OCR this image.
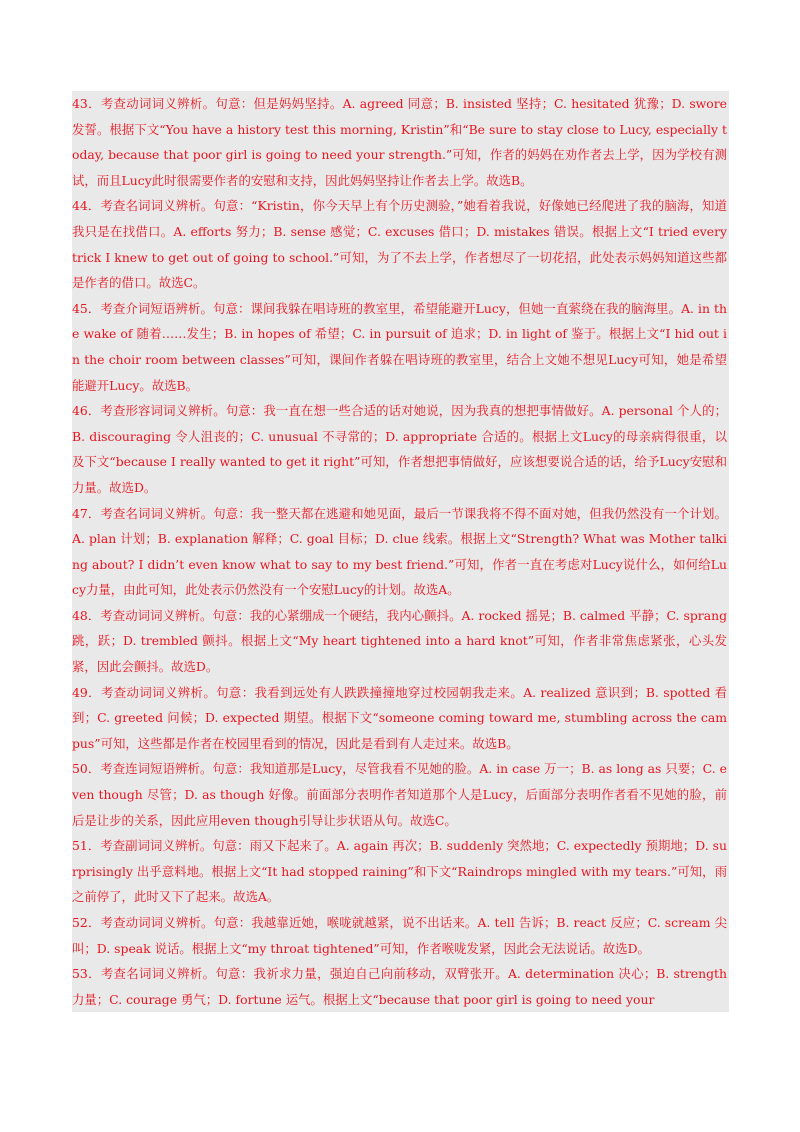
43．考查动词词义辨析。句意：但是妈妈坚持。A. agreed 同意；B. insisted 坚持；C. hesitated 犹豫；D. swore 发誓。根据下文“You have a history test this morning, Kristin”和“Be sure to stay close to Lucy, especially today, because that poor girl is going to need your strength.”可知，作者的妈妈在劝作者去上学，因为学校有测试，而且Lucy此时很需要作者的安慰和支持，因此妈妈坚持让作者去上学。故选B。

44．考查名词词义辨析。句意：“Kristin，你今天早上有个历史测验，”她看着我说，好像她已经爬进了我的脑海，知道我只是在找借口。A. efforts 努力；B. sense 感觉；C. excuses 借口；D. mistakes 错误。根据上文“I tried every trick I knew to get out of going to school.”可知，为了不去上学，作者想尽了一切花招，此处表示妈妈知道这些都是作者的借口。故选C。

45．考查介词短语辨析。句意：课间我躲在唱诗班的教室里，希望能避开Lucy，但她一直萦绕在我的脑海里。A. in the wake of 随着……发生；B. in hopes of 希望；C. in pursuit of 追求；D. in light of 鉴于。根据上文“I hid out in the choir room between classes”可知，课间作者躲在唱诗班的教室里，结合上文她不想见Lucy可知，她是希望能避开Lucy。故选B。

46．考查形容词词义辨析。句意：我一直在想一些合适的话对她说，因为我真的想把事情做好。A. personal 个人的；B. discouraging 令人沮丧的；C. unusual 不寻常的；D. appropriate 合适的。根据上文Lucy的母亲病得很重，以及下文“because I really wanted to get it right”可知，作者想把事情做好，应该想要说合适的话，给予Lucy安慰和力量。故选D。

47．考查名词词义辨析。句意：我一整天都在逃避和她见面，最后一节课我将不得不面对她，但我仍然没有一个计划。A. plan 计划；B. explanation 解释；C. goal 目标；D. clue 线索。根据上文“Strength? What was Mother talking about? I didn’t even know what to say to my best friend.”可知，作者一直在考虑对Lucy说什么，如何给Lucy力量，由此可知，此处表示仍然没有一个安慰Lucy的计划。故选A。

48．考查动词词义辨析。句意：我的心紧绷成一个硬结，我内心颤抖。A. rocked 摇晃；B. calmed 平静；C. sprang 跳，跃；D. trembled 颤抖。根据上文“My heart tightened into a hard knot”可知，作者非常焦虑紧张，心头发紧，因此会颤抖。故选D。

49．考查动词词义辨析。句意：我看到远处有人跌跌撞撞地穿过校园朝我走来。A. realized 意识到；B. spotted 看到；C. greeted 问候；D. expected 期望。根据下文“someone coming toward me, stumbling across the campus”可知，这些都是作者在校园里看到的情况，因此是看到有人走过来。故选B。

50．考查连词短语辨析。句意：我知道那是Lucy，尽管我看不见她的脸。A. in case 万一；B. as long as 只要；C. even though 尽管；D. as though 好像。前面部分表明作者知道那个人是Lucy，后面部分表明作者看不见她的脸，前后是让步的关系，因此应用even though引导让步状语从句。故选C。

51．考查副词词义辨析。句意：雨又下起来了。A. again 再次；B. suddenly 突然地；C. expectedly 预期地；D. surprisingly 出乎意料地。根据上文“It had stopped raining”和下文“Raindrops mingled with my tears.”可知，雨之前停了，此时又下了起来。故选A。

52．考查动词词义辨析。句意：我越靠近她，喉咙就越紧，说不出话来。A. tell 告诉；B. react 反应；C. scream 尖叫；D. speak 说话。根据上文“my throat tightened”可知，作者喉咙发紧，因此会无法说话。故选D。

53．考查名词词义辨析。句意：我祈求力量，强迫自己向前移动，双臂张开。A. determination 决心；B. strength 力量；C. courage 勇气；D. fortune 运气。根据上文“because that poor girl is going to need your
